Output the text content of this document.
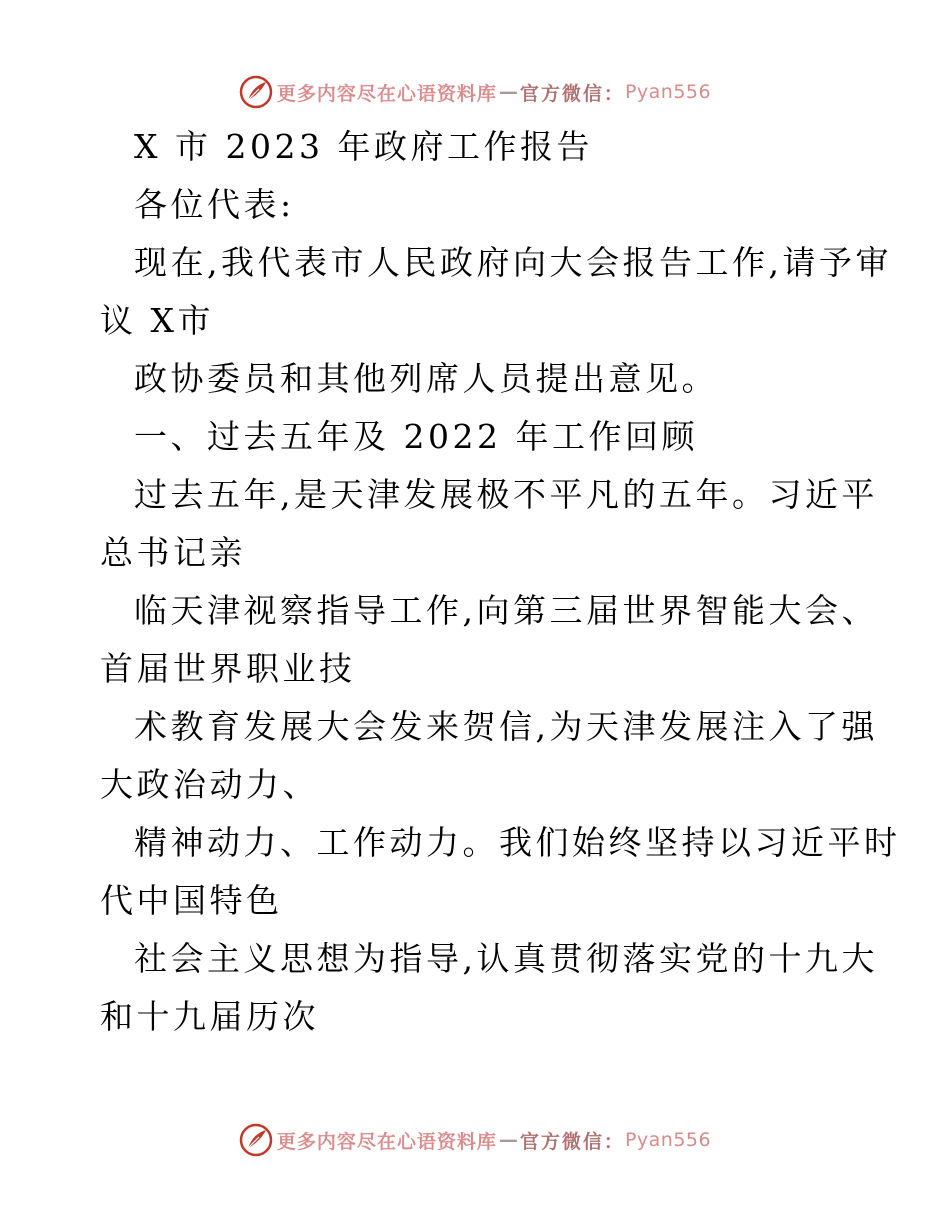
更多内容尽在心语资料库 — 官方微信： Pyan556

X 市 2023 年政府工作报告

各位代表:

现在,我代表市人民政府向大会报告工作,请予审

议 X市

政协委员和其他列席人员提出意见。

一、过去五年及 2022 年工作回顾

过去五年,是天津发展极不平凡的五年。习近平

总书记亲

临天津视察指导工作,向第三届世界智能大会、

首届世界职业技

术教育发展大会发来贺信,为天津发展注入了强

大政治动力、

精神动力、工作动力。我们始终坚持以习近平时

代中国特色

社会主义思想为指导,认真贯彻落实党的十九大

和十九届历次

更多内容尽在心语资料库 — 官方微信： Pyan556
